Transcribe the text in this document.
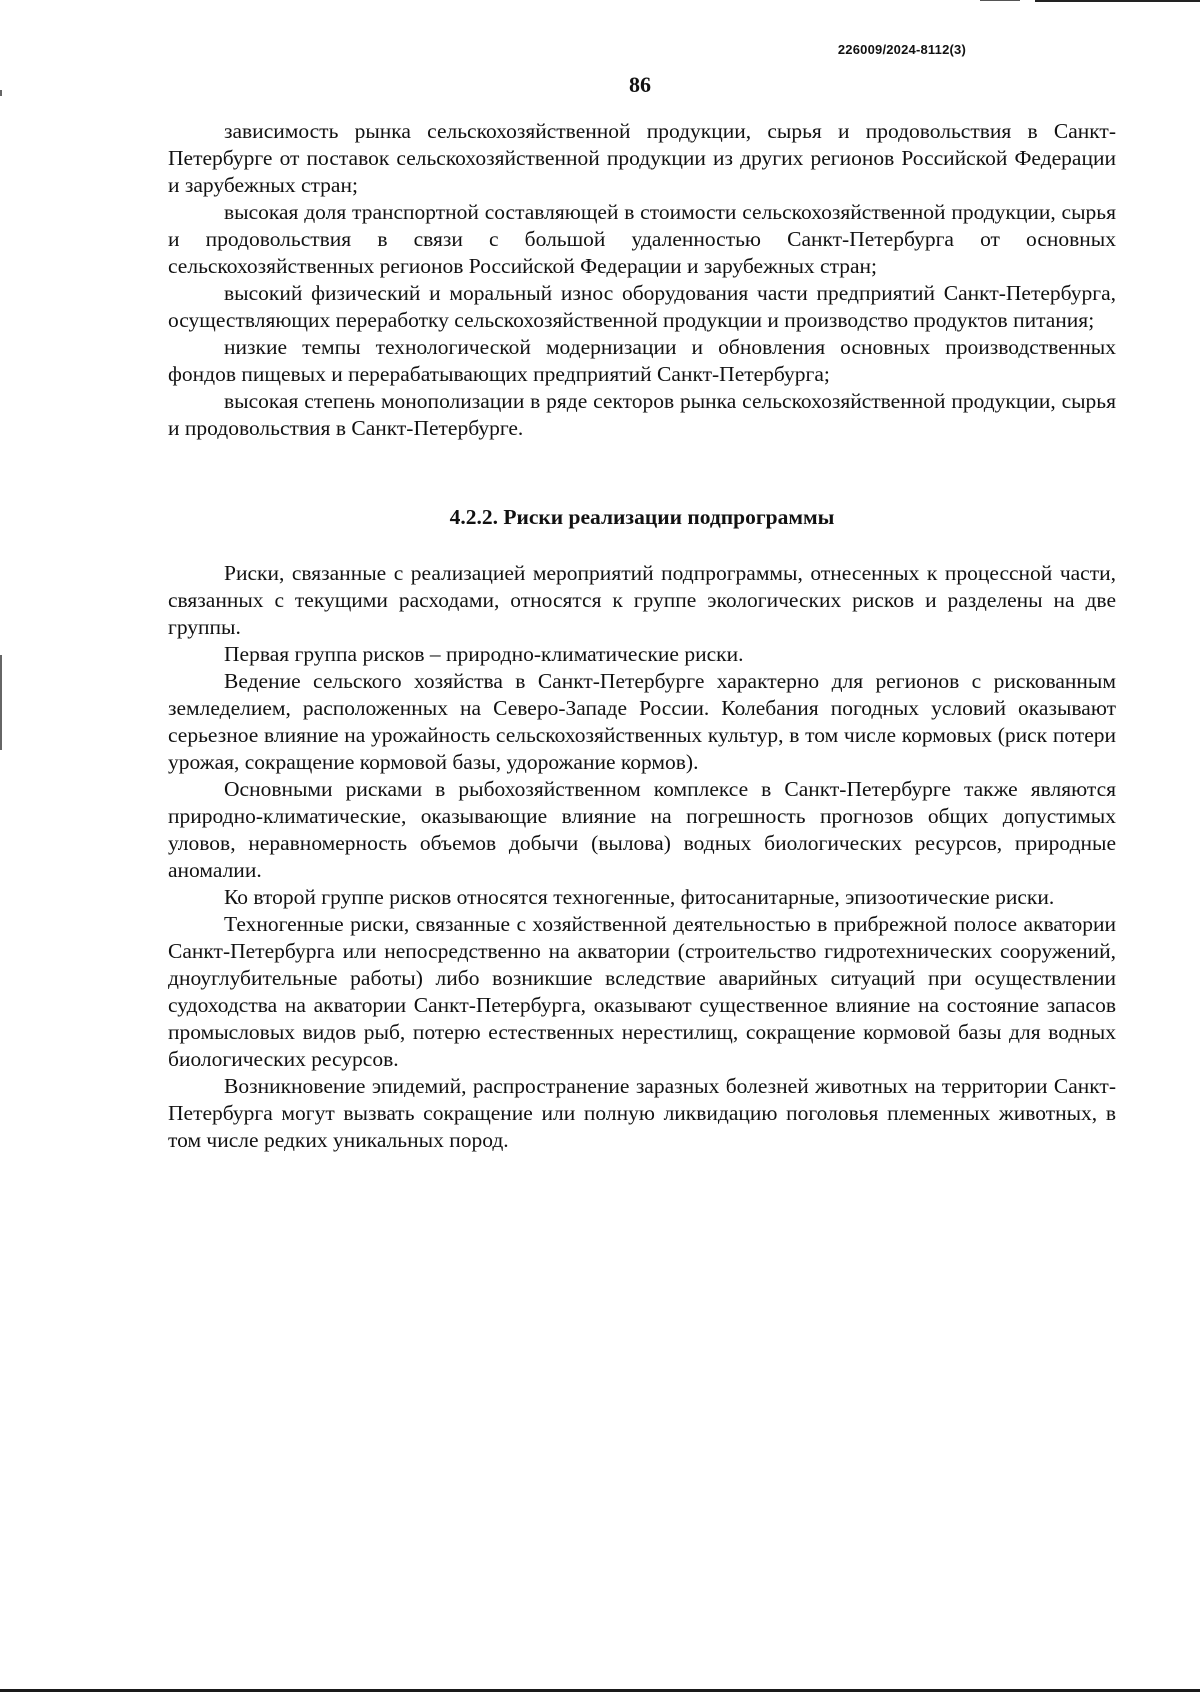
226009/2024-8112(3)
86

зависимость рынка сельскохозяйственной продукции, сырья и продовольствия в Санкт-Петербурге от поставок сельскохозяйственной продукции из других регионов Российской Федерации и зарубежных стран;

высокая доля транспортной составляющей в стоимости сельскохозяйственной продукции, сырья и продовольствия в связи с большой удаленностью Санкт-Петербурга от основных сельскохозяйственных регионов Российской Федерации и зарубежных стран;

высокий физический и моральный износ оборудования части предприятий Санкт-Петербурга, осуществляющих переработку сельскохозяйственной продукции и производство продуктов питания;

низкие темпы технологической модернизации и обновления основных производственных фондов пищевых и перерабатывающих предприятий Санкт-Петербурга;

высокая степень монополизации в ряде секторов рынка сельскохозяйственной продукции, сырья и продовольствия в Санкт-Петербурге.

4.2.2. Риски реализации подпрограммы

Риски, связанные с реализацией мероприятий подпрограммы, отнесенных к процессной части, связанных с текущими расходами, относятся к группе экологических рисков и разделены на две группы.

Первая группа рисков – природно-климатические риски.

Ведение сельского хозяйства в Санкт-Петербурге характерно для регионов с рискованным земледелием, расположенных на Северо-Западе России. Колебания погодных условий оказывают серьезное влияние на урожайность сельскохозяйственных культур, в том числе кормовых (риск потери урожая, сокращение кормовой базы, удорожание кормов).

Основными рисками в рыбохозяйственном комплексе в Санкт-Петербурге также являются природно-климатические, оказывающие влияние на погрешность прогнозов общих допустимых уловов, неравномерность объемов добычи (вылова) водных биологических ресурсов, природные аномалии.

Ко второй группе рисков относятся техногенные, фитосанитарные, эпизоотические риски.

Техногенные риски, связанные с хозяйственной деятельностью в прибрежной полосе акватории Санкт-Петербурга или непосредственно на акватории (строительство гидротехнических сооружений, дноуглубительные работы) либо возникшие вследствие аварийных ситуаций при осуществлении судоходства на акватории Санкт-Петербурга, оказывают существенное влияние на состояние запасов промысловых видов рыб, потерю естественных нерестилищ, сокращение кормовой базы для водных биологических ресурсов.

Возникновение эпидемий, распространение заразных болезней животных на территории Санкт-Петербурга могут вызвать сокращение или полную ликвидацию поголовья племенных животных, в том числе редких уникальных пород.
